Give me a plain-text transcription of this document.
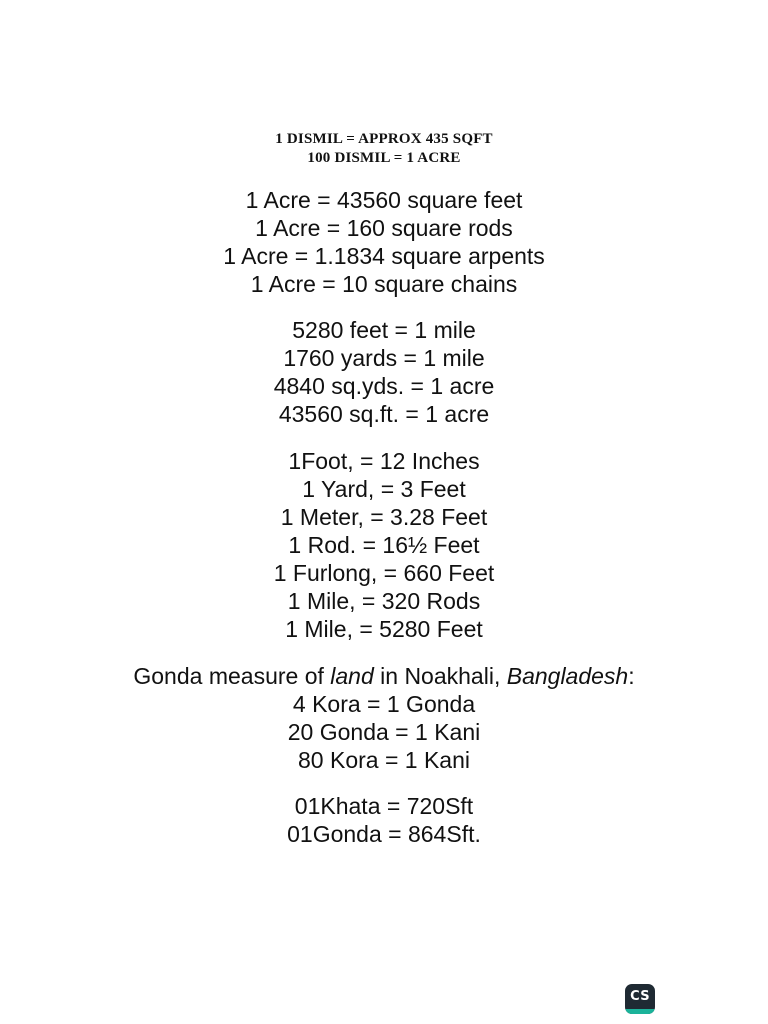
1 DISMIL = APPROX 435 SQFT
100 DISMIL = 1 ACRE
1 Acre = 43560 square feet
1 Acre = 160 square rods
1 Acre = 1.1834 square arpents
1 Acre = 10 square chains
5280 feet = 1 mile
1760 yards = 1 mile
4840 sq.yds. = 1 acre
43560 sq.ft. = 1 acre
1Foot, = 12 Inches
1 Yard, = 3 Feet
1 Meter, = 3.28 Feet
1 Rod. = 16½ Feet
1 Furlong, = 660 Feet
1 Mile, = 320 Rods
1 Mile, = 5280 Feet
Gonda measure of land in Noakhali, Bangladesh:
4 Kora = 1 Gonda
20 Gonda = 1 Kani
80 Kora = 1 Kani
01Khata = 720Sft
01Gonda = 864Sft.
CS
